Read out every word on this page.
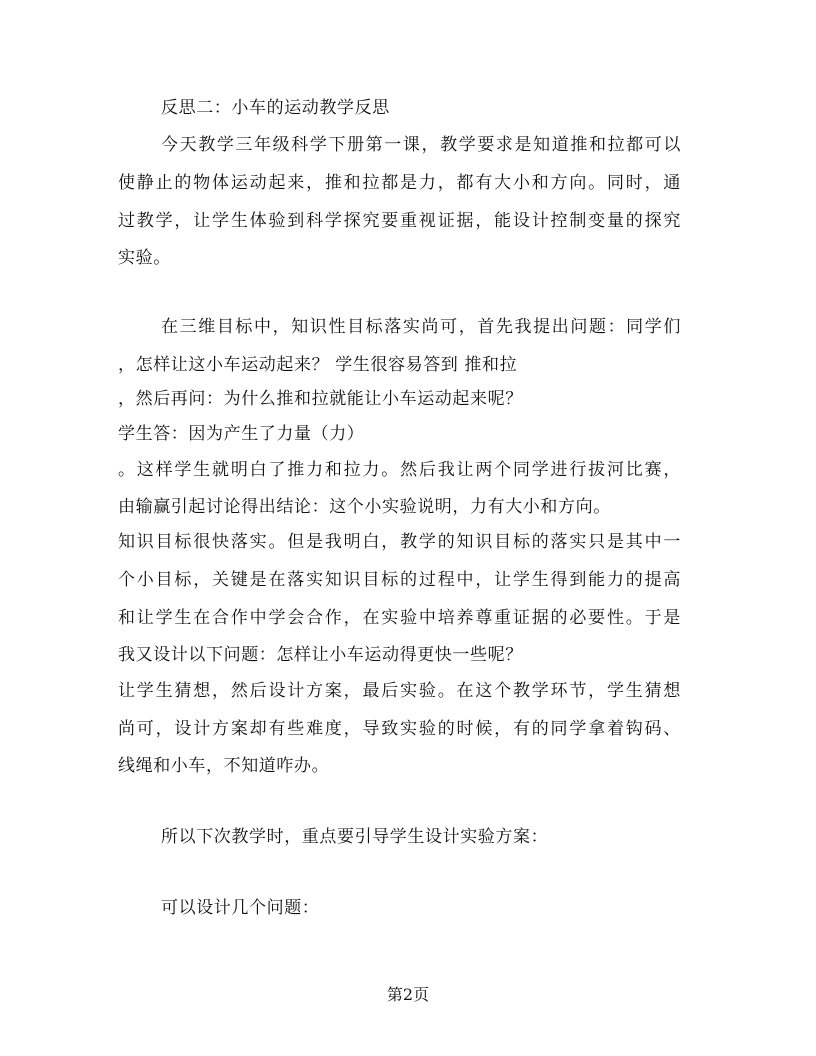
反思二：小车的运动教学反思
今天教学三年级科学下册第一课，教学要求是知道推和拉都可以
使静止的物体运动起来，推和拉都是力，都有大小和方向。同时，通
过教学，让学生体验到科学探究要重视证据，能设计控制变量的探究
实验。
在三维目标中，知识性目标落实尚可，首先我提出问题：同学们
，怎样让这小车运动起来？ 学生很容易答到 推和拉
，然后再问：为什么推和拉就能让小车运动起来呢？
学生答：因为产生了力量（力）
。这样学生就明白了推力和拉力。然后我让两个同学进行拔河比赛，
由输赢引起讨论得出结论：这个小实验说明，力有大小和方向。
知识目标很快落实。但是我明白，教学的知识目标的落实只是其中一
个小目标，关键是在落实知识目标的过程中，让学生得到能力的提高
和让学生在合作中学会合作，在实验中培养尊重证据的必要性。于是
我又设计以下问题：怎样让小车运动得更快一些呢？
让学生猜想，然后设计方案，最后实验。在这个教学环节，学生猜想
尚可，设计方案却有些难度，导致实验的时候，有的同学拿着钩码、
线绳和小车，不知道咋办。
所以下次教学时，重点要引导学生设计实验方案：
可以设计几个问题：
第2页
